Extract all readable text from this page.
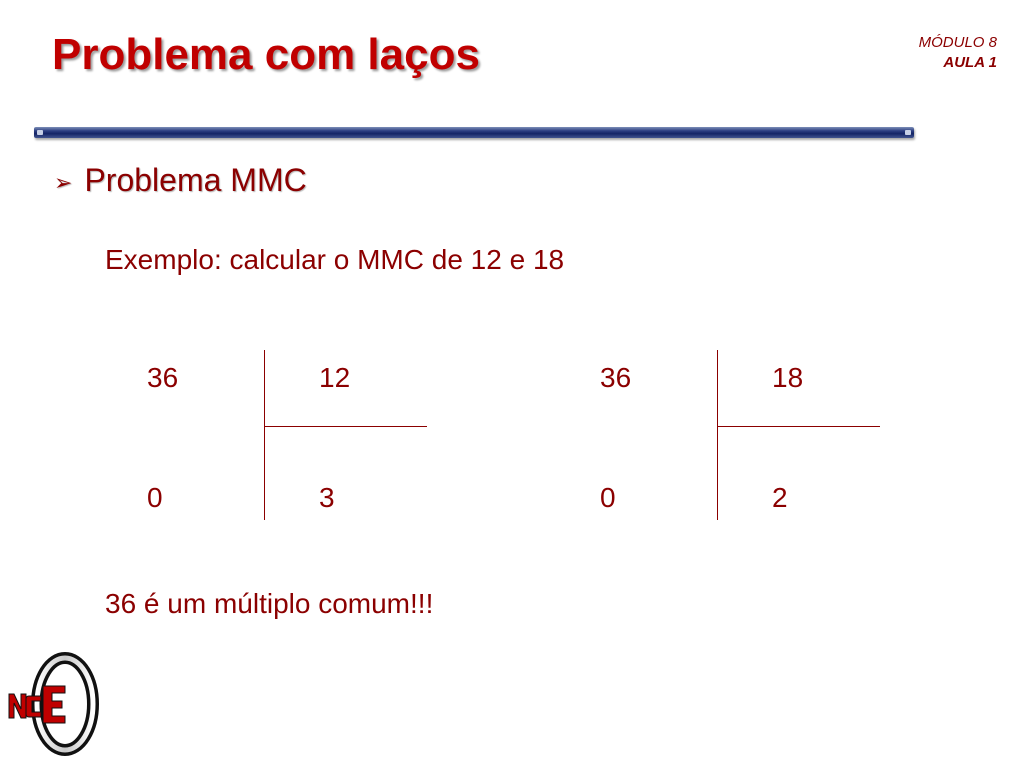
Problema com laços	MÓDULO 8
AULA 1
➢ Problema MMC
Exemplo: calcular o MMC de 12 e 18
36	12
0	3
36	18
0	2
36 é um múltiplo comum!!!
